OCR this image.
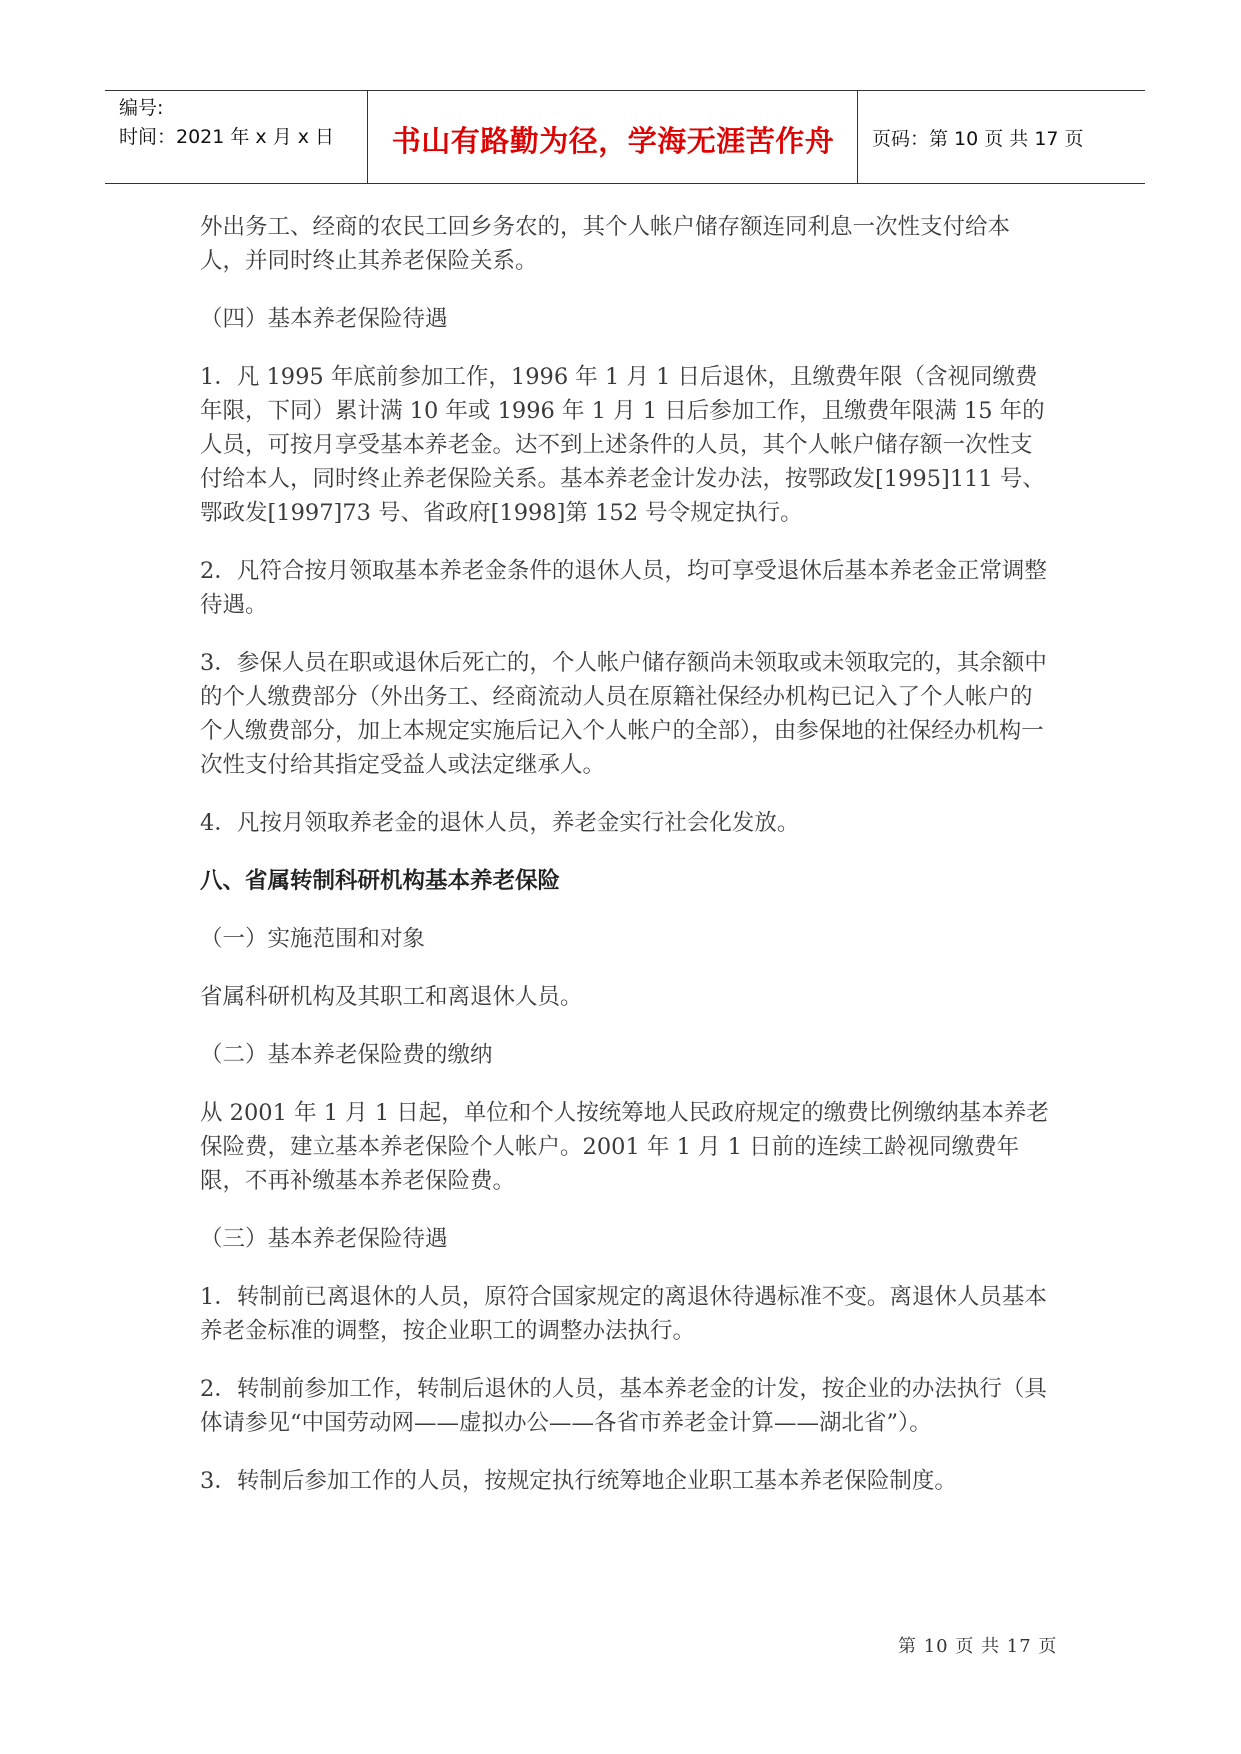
编号:
时间：2021 年 x 月 x 日	书山有路勤为径，学海无涯苦作舟	页码：第 10 页 共 17 页

外出务工、经商的农民工回乡务农的，其个人帐户储存额连同利息一次性支付给本人，并同时终止其养老保险关系。

（四）基本养老保险待遇

1．凡 1995 年底前参加工作，1996 年 1 月 1 日后退休，且缴费年限（含视同缴费年限，下同）累计满 10 年或 1996 年 1 月 1 日后参加工作，且缴费年限满 15 年的人员，可按月享受基本养老金。达不到上述条件的人员，其个人帐户储存额一次性支付给本人，同时终止养老保险关系。基本养老金计发办法，按鄂政发[1995]111 号、鄂政发[1997]73 号、省政府[1998]第 152 号令规定执行。

2．凡符合按月领取基本养老金条件的退休人员，均可享受退休后基本养老金正常调整待遇。

3．参保人员在职或退休后死亡的，个人帐户储存额尚未领取或未领取完的，其余额中的个人缴费部分（外出务工、经商流动人员在原籍社保经办机构已记入了个人帐户的个人缴费部分，加上本规定实施后记入个人帐户的全部），由参保地的社保经办机构一次性支付给其指定受益人或法定继承人。

4．凡按月领取养老金的退休人员，养老金实行社会化发放。

八、省属转制科研机构基本养老保险

（一）实施范围和对象

省属科研机构及其职工和离退休人员。

（二）基本养老保险费的缴纳

从 2001 年 1 月 1 日起，单位和个人按统筹地人民政府规定的缴费比例缴纳基本养老保险费，建立基本养老保险个人帐户。2001 年 1 月 1 日前的连续工龄视同缴费年限，不再补缴基本养老保险费。

（三）基本养老保险待遇

1．转制前已离退休的人员，原符合国家规定的离退休待遇标准不变。离退休人员基本养老金标准的调整，按企业职工的调整办法执行。

2．转制前参加工作，转制后退休的人员，基本养老金的计发，按企业的办法执行（具体请参见“中国劳动网——虚拟办公——各省市养老金计算——湖北省”）。

3．转制后参加工作的人员，按规定执行统筹地企业职工基本养老保险制度。

第 10 页 共 17 页
